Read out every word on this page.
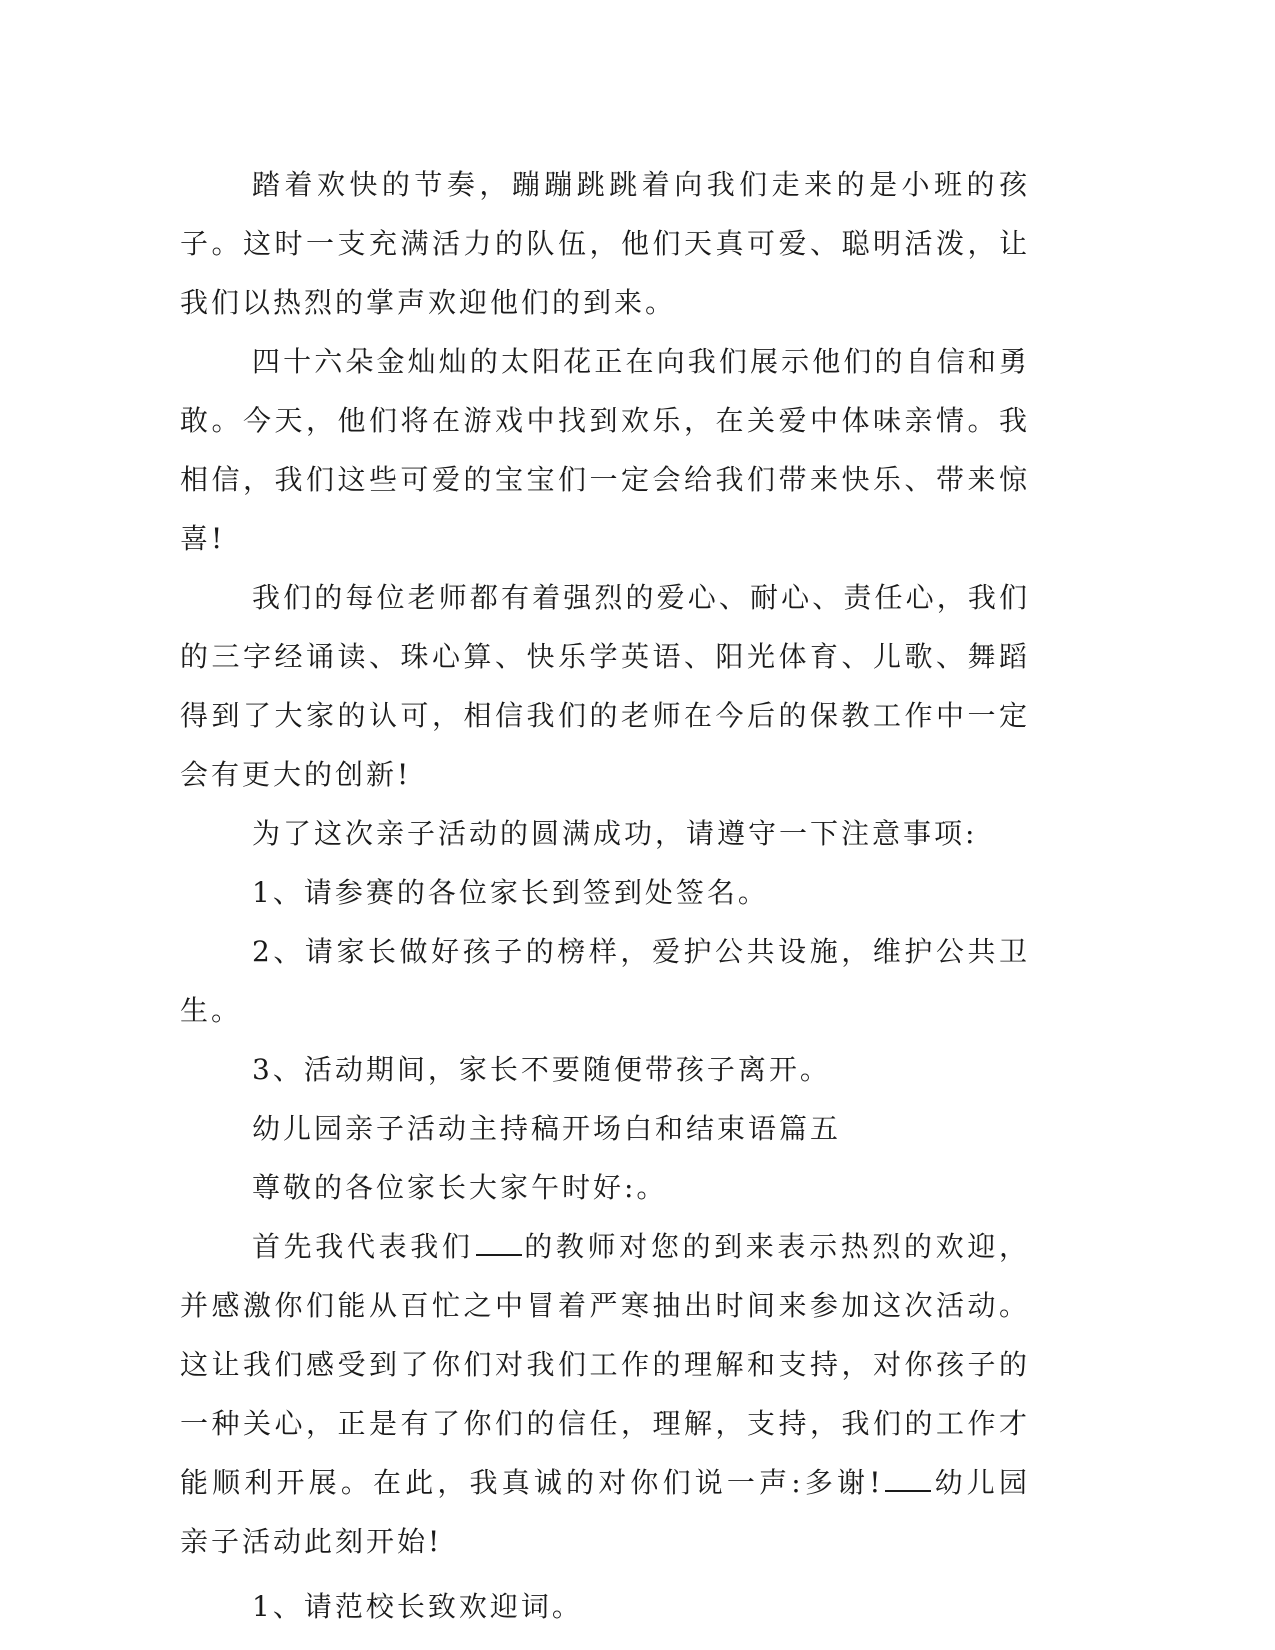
踏着欢快的节奏，蹦蹦跳跳着向我们走来的是小班的孩子。这时一支充满活力的队伍，他们天真可爱、聪明活泼，让我们以热烈的掌声欢迎他们的到来。

四十六朵金灿灿的太阳花正在向我们展示他们的自信和勇敢。今天，他们将在游戏中找到欢乐，在关爱中体味亲情。我相信，我们这些可爱的宝宝们一定会给我们带来快乐、带来惊喜!

我们的每位老师都有着强烈的爱心、耐心、责任心，我们的三字经诵读、珠心算、快乐学英语、阳光体育、儿歌、舞蹈得到了大家的认可，相信我们的老师在今后的保教工作中一定会有更大的创新!

为了这次亲子活动的圆满成功，请遵守一下注意事项:

1、请参赛的各位家长到签到处签名。

2、请家长做好孩子的榜样，爱护公共设施，维护公共卫生。

3、活动期间，家长不要随便带孩子离开。

幼儿园亲子活动主持稿开场白和结束语篇五

尊敬的各位家长大家午时好:。

首先我代表我们 的教师对您的到来表示热烈的欢迎，并感激你们能从百忙之中冒着严寒抽出时间来参加这次活动。这让我们感受到了你们对我们工作的理解和支持，对你孩子的一种关心，正是有了你们的信任，理解，支持，我们的工作才能顺利开展。在此，我真诚的对你们说一声:多谢! 幼儿园亲子活动此刻开始!

1、请范校长致欢迎词。
